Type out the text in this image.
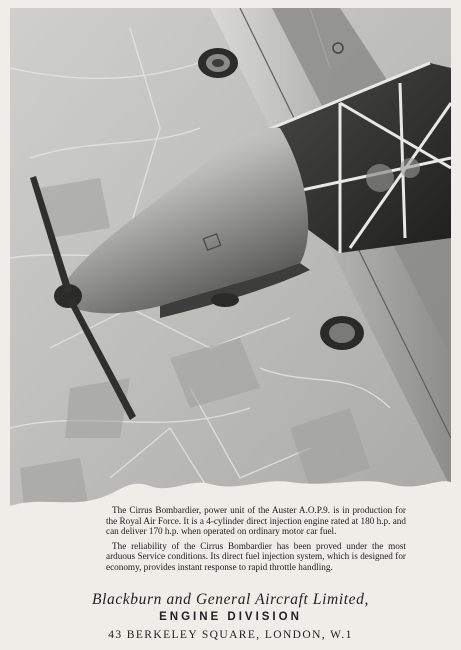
The Cirrus Bombardier, power unit of the Auster A.O.P.9. is in production for the Royal Air Force. It is a 4-cylinder direct injection engine rated at 180 h.p. and can deliver 170 h.p. when operated on ordinary motor car fuel.

The reliability of the Cirrus Bombardier has been proved under the most arduous Service conditions. Its direct fuel injection system, which is designed for economy, provides instant response to rapid throttle handling.

Blackburn and General Aircraft Limited,
ENGINE DIVISION
43 BERKELEY SQUARE, LONDON, W.1
